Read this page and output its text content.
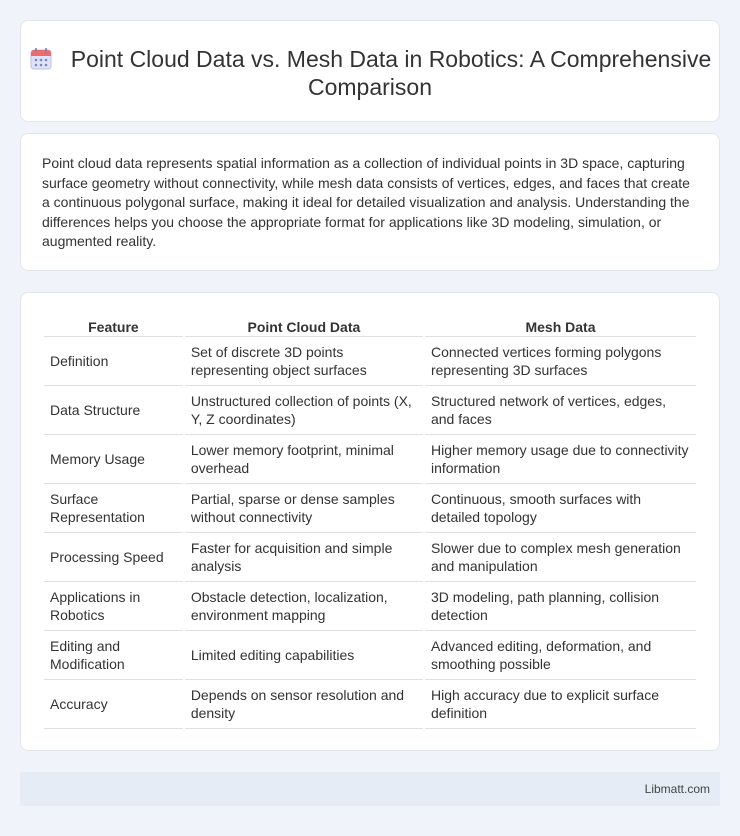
Point Cloud Data vs. Mesh Data in Robotics: A Comprehensive Comparison

Point cloud data represents spatial information as a collection of individual points in 3D space, capturing surface geometry without connectivity, while mesh data consists of vertices, edges, and faces that create a continuous polygonal surface, making it ideal for detailed visualization and analysis. Understanding the differences helps you choose the appropriate format for applications like 3D modeling, simulation, or augmented reality.

Feature	Point Cloud Data	Mesh Data
Definition	Set of discrete 3D points representing object surfaces	Connected vertices forming polygons representing 3D surfaces
Data Structure	Unstructured collection of points (X, Y, Z coordinates)	Structured network of vertices, edges, and faces
Memory Usage	Lower memory footprint, minimal overhead	Higher memory usage due to connectivity information
Surface Representation	Partial, sparse or dense samples without connectivity	Continuous, smooth surfaces with detailed topology
Processing Speed	Faster for acquisition and simple analysis	Slower due to complex mesh generation and manipulation
Applications in Robotics	Obstacle detection, localization, environment mapping	3D modeling, path planning, collision detection
Editing and Modification	Limited editing capabilities	Advanced editing, deformation, and smoothing possible
Accuracy	Depends on sensor resolution and density	High accuracy due to explicit surface definition
Libmatt.com
